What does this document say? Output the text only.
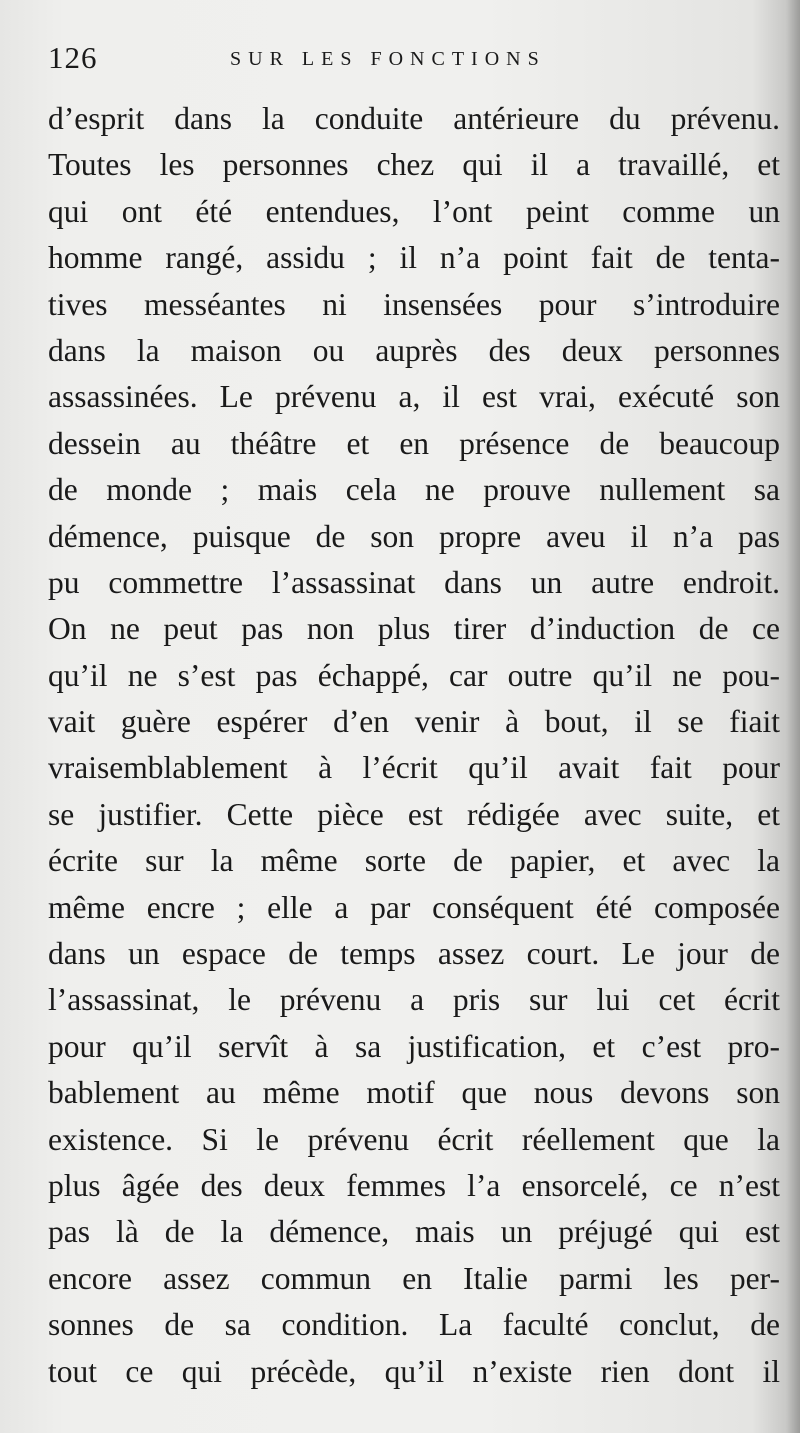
126	SUR LES FONCTIONS
d’esprit dans la conduite antérieure du prévenu.
Toutes les personnes chez qui il a travaillé, et
qui ont été entendues, l’ont peint comme un
homme rangé, assidu ; il n’a point fait de tenta-
tives messéantes ni insensées pour s’introduire
dans la maison ou auprès des deux personnes
assassinées. Le prévenu a, il est vrai, exécuté son
dessein au théâtre et en présence de beaucoup
de monde ; mais cela ne prouve nullement sa
démence, puisque de son propre aveu il n’a pas
pu commettre l’assassinat dans un autre endroit.
On ne peut pas non plus tirer d’induction de ce
qu’il ne s’est pas échappé, car outre qu’il ne pou-
vait guère espérer d’en venir à bout, il se fiait
vraisemblablement à l’écrit qu’il avait fait pour
se justifier. Cette pièce est rédigée avec suite, et
écrite sur la même sorte de papier, et avec la
même encre ; elle a par conséquent été composée
dans un espace de temps assez court. Le jour de
l’assassinat, le prévenu a pris sur lui cet écrit
pour qu’il servît à sa justification, et c’est pro-
bablement au même motif que nous devons son
existence. Si le prévenu écrit réellement que la
plus âgée des deux femmes l’a ensorcelé, ce n’est
pas là de la démence, mais un préjugé qui est
encore assez commun en Italie parmi les per-
sonnes de sa condition. La faculté conclut, de
tout ce qui précède, qu’il n’existe rien dont il
